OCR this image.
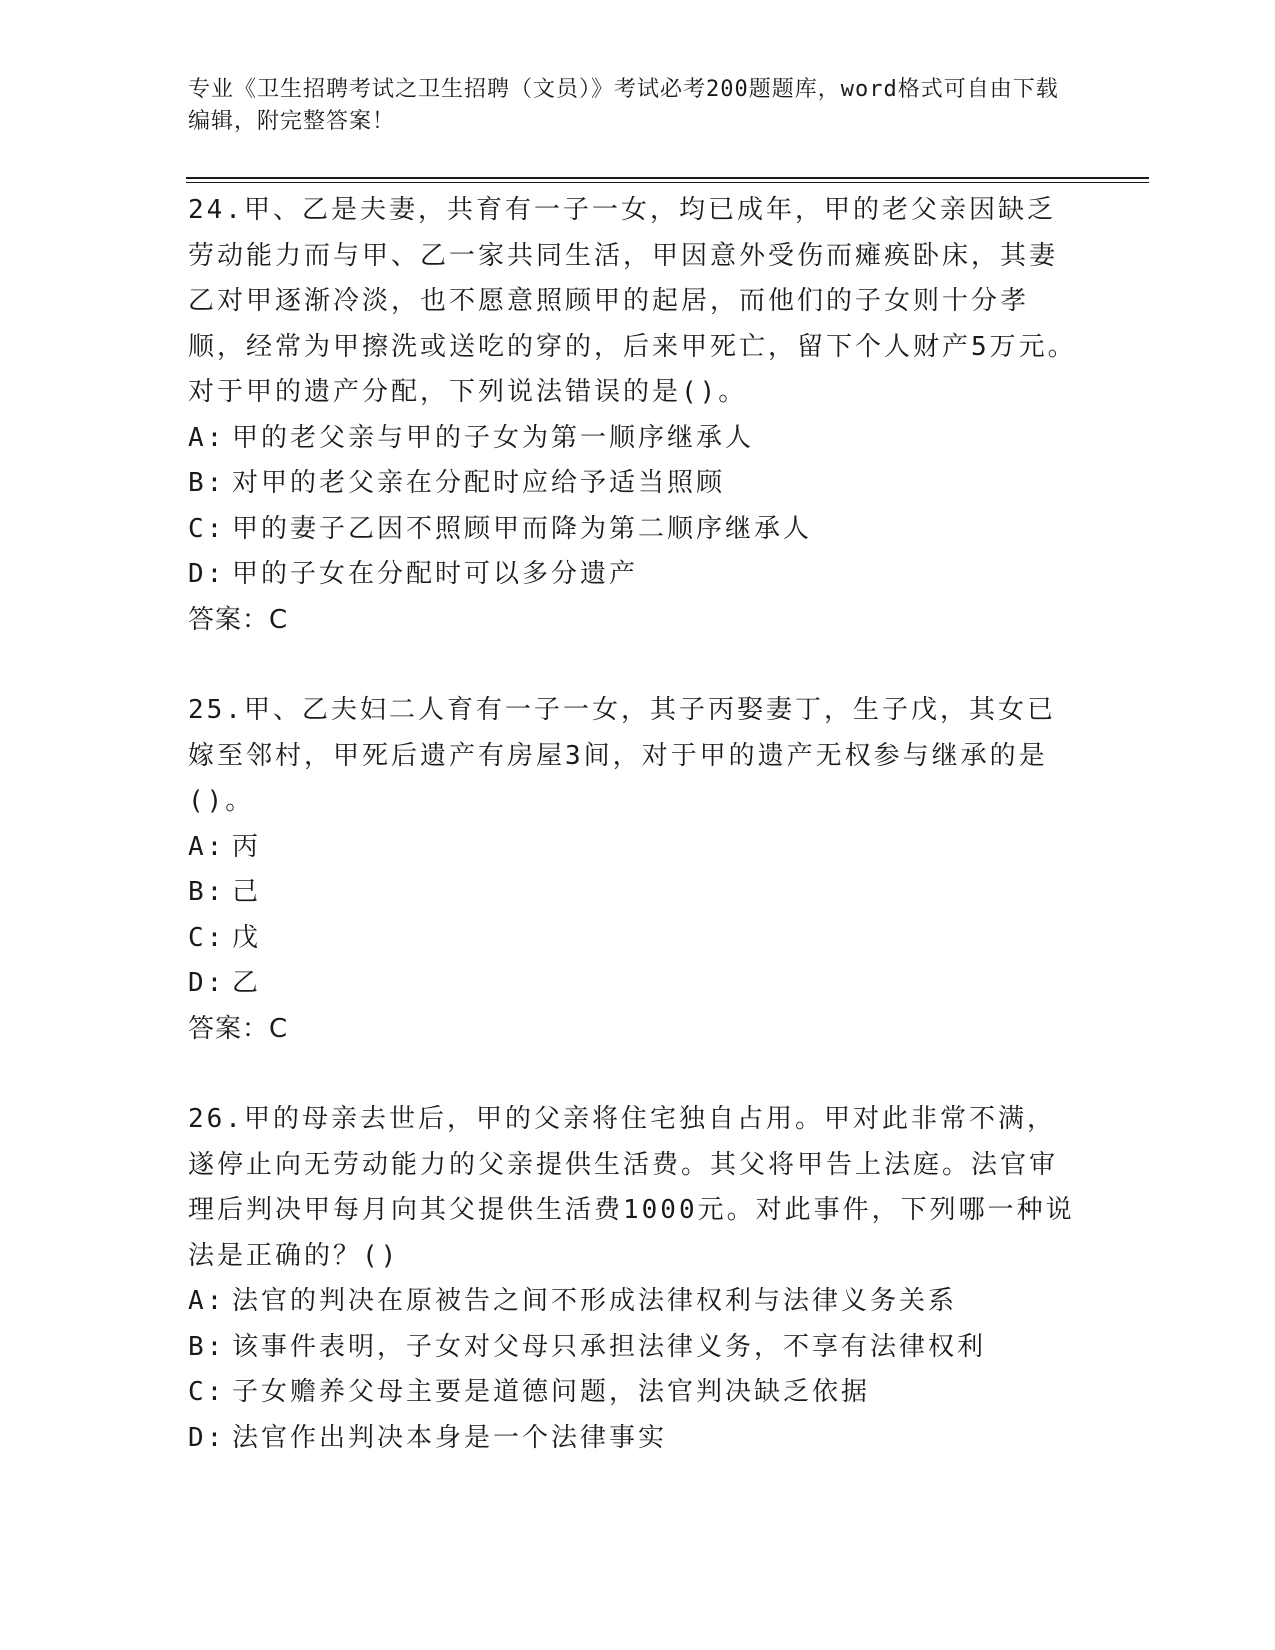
专业《卫生招聘考试之卫生招聘（文员）》考试必考200题题库，word格式可自由下载编辑，附完整答案！

24.甲、乙是夫妻，共育有一子一女，均已成年，甲的老父亲因缺乏劳动能力而与甲、乙一家共同生活，甲因意外受伤而瘫痪卧床，其妻乙对甲逐渐冷淡，也不愿意照顾甲的起居，而他们的子女则十分孝顺，经常为甲擦洗或送吃的穿的，后来甲死亡，留下个人财产5万元。对于甲的遗产分配，下列说法错误的是()。

A: 甲的老父亲与甲的子女为第一顺序继承人

B: 对甲的老父亲在分配时应给予适当照顾

C: 甲的妻子乙因不照顾甲而降为第二顺序继承人

D: 甲的子女在分配时可以多分遗产

答案：C

25.甲、乙夫妇二人育有一子一女，其子丙娶妻丁，生子戊，其女已嫁至邻村，甲死后遗产有房屋3间，对于甲的遗产无权参与继承的是()。

A: 丙

B: 己

C: 戊

D: 乙

答案：C

26.甲的母亲去世后，甲的父亲将住宅独自占用。甲对此非常不满，遂停止向无劳动能力的父亲提供生活费。其父将甲告上法庭。法官审理后判决甲每月向其父提供生活费1000元。对此事件，下列哪一种说法是正确的？()

A: 法官的判决在原被告之间不形成法律权利与法律义务关系

B: 该事件表明，子女对父母只承担法律义务，不享有法律权利

C: 子女赡养父母主要是道德问题，法官判决缺乏依据

D: 法官作出判决本身是一个法律事实
